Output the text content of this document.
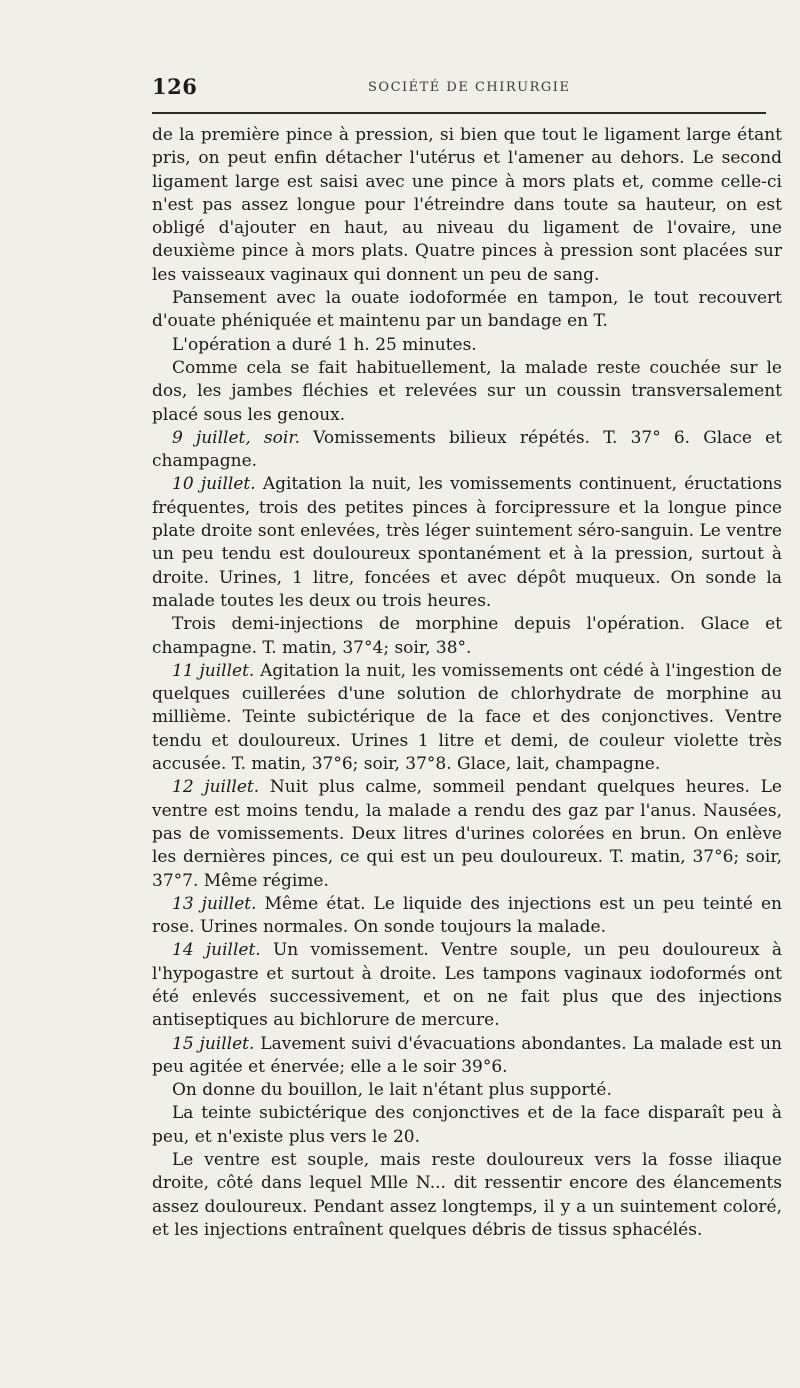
126	SOCIÉTÉ DE CHIRURGIE

de la première pince à pression, si bien que tout le ligament large étant pris, on peut enfin détacher l'utérus et l'amener au dehors. Le second ligament large est saisi avec une pince à mors plats et, comme celle-ci n'est pas assez longue pour l'étreindre dans toute sa hauteur, on est obligé d'ajouter en haut, au niveau du ligament de l'ovaire, une deuxième pince à mors plats. Quatre pinces à pression sont placées sur les vaisseaux vaginaux qui donnent un peu de sang.

Pansement avec la ouate iodoformée en tampon, le tout recouvert d'ouate phéniquée et maintenu par un bandage en T.

L'opération a duré 1 h. 25 minutes.

Comme cela se fait habituellement, la malade reste couchée sur le dos, les jambes fléchies et relevées sur un coussin transversalement placé sous les genoux.

9 juillet, soir. Vomissements bilieux répétés. T. 37° 6. Glace et champagne.

10 juillet. Agitation la nuit, les vomissements continuent, éructations fréquentes, trois des petites pinces à forcipressure et la longue pince plate droite sont enlevées, très léger suintement séro-sanguin. Le ventre un peu tendu est douloureux spontanément et à la pression, surtout à droite. Urines, 1 litre, foncées et avec dépôt muqueux. On sonde la malade toutes les deux ou trois heures.

Trois demi-injections de morphine depuis l'opération. Glace et champagne. T. matin, 37°4; soir, 38°.

11 juillet. Agitation la nuit, les vomissements ont cédé à l'ingestion de quelques cuillerées d'une solution de chlorhydrate de morphine au millième. Teinte subictérique de la face et des conjonctives. Ventre tendu et douloureux. Urines 1 litre et demi, de couleur violette très accusée. T. matin, 37°6; soir, 37°8. Glace, lait, champagne.

12 juillet. Nuit plus calme, sommeil pendant quelques heures. Le ventre est moins tendu, la malade a rendu des gaz par l'anus. Nausées, pas de vomissements. Deux litres d'urines colorées en brun. On enlève les dernières pinces, ce qui est un peu douloureux. T. matin, 37°6; soir, 37°7. Même régime.

13 juillet. Même état. Le liquide des injections est un peu teinté en rose. Urines normales. On sonde toujours la malade.

14 juillet. Un vomissement. Ventre souple, un peu douloureux à l'hypogastre et surtout à droite. Les tampons vaginaux iodoformés ont été enlevés successivement, et on ne fait plus que des injections antiseptiques au bichlorure de mercure.

15 juillet. Lavement suivi d'évacuations abondantes. La malade est un peu agitée et énervée; elle a le soir 39°6.

On donne du bouillon, le lait n'étant plus supporté.

La teinte subictérique des conjonctives et de la face disparaît peu à peu, et n'existe plus vers le 20.

Le ventre est souple, mais reste douloureux vers la fosse iliaque droite, côté dans lequel Mlle N... dit ressentir encore des élancements assez douloureux. Pendant assez longtemps, il y a un suintement coloré, et les injections entraînent quelques débris de tissus sphacélés.
